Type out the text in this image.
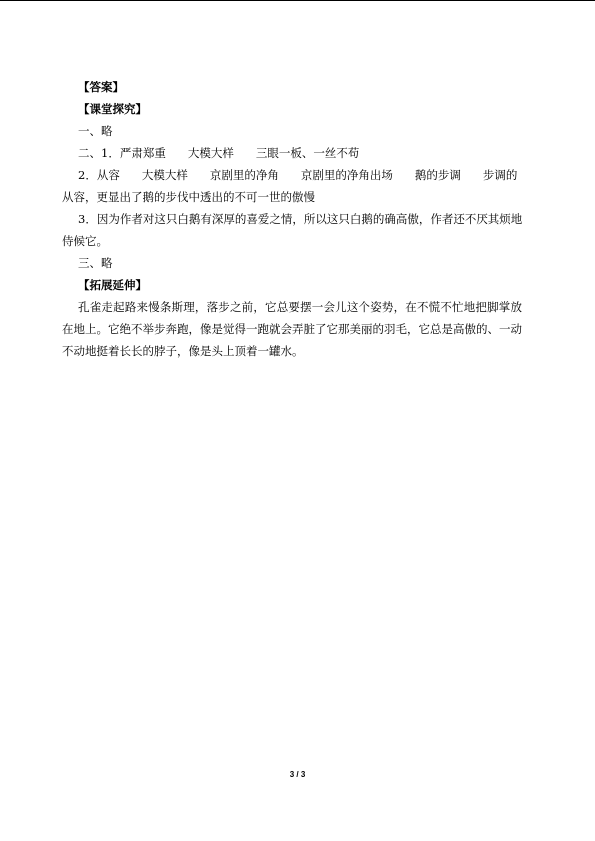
【答案】
【课堂探究】
一、略
二、1．严肃郑重 大模大样 三眼一板、一丝不苟
2．从容 大模大样 京剧里的净角 京剧里的净角出场 鹅的步调 步调的
从容，更显出了鹅的步伐中透出的不可一世的傲慢
3．因为作者对这只白鹅有深厚的喜爱之情，所以这只白鹅的确高傲，作者还不厌其烦地
侍候它。
三、略
【拓展延伸】
孔雀走起路来慢条斯理，落步之前，它总要摆一会儿这个姿势，在不慌不忙地把脚掌放在地上。它绝不举步奔跑，像是觉得一跑就会弄脏了它那美丽的羽毛，它总是高傲的、一动不动地挺着长长的脖子，像是头上顶着一罐水。
3 / 3
